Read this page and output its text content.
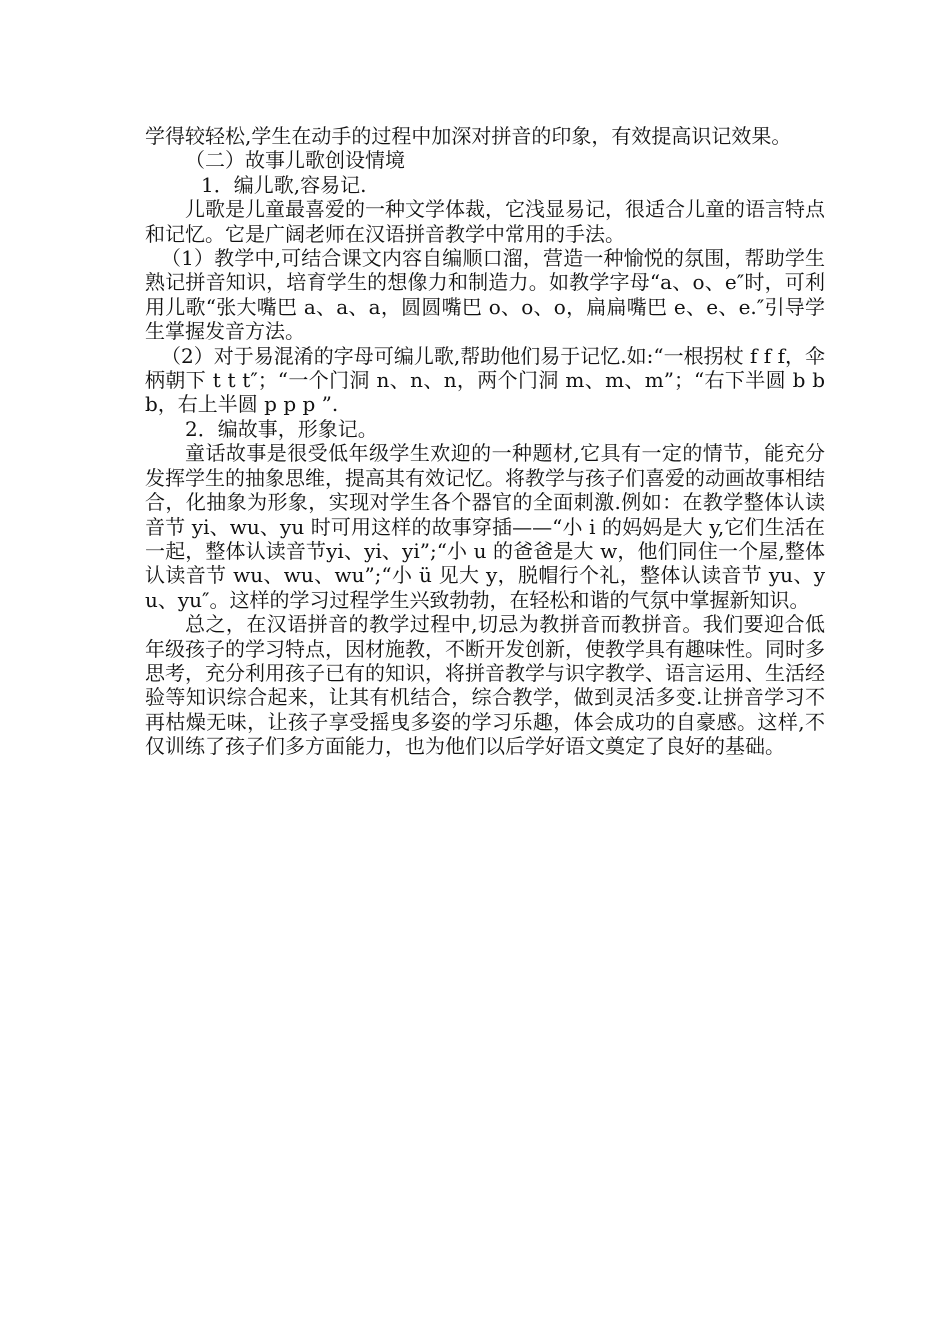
学得较轻松,学生在动手的过程中加深对拼音的印象，有效提高识记效果。

（二）故事儿歌创设情境

1．编儿歌,容易记.

儿歌是儿童最喜爱的一种文学体裁，它浅显易记，很适合儿童的语言特点和记忆。它是广阔老师在汉语拼音教学中常用的手法。

（1）教学中,可结合课文内容自编顺口溜，营造一种愉悦的氛围，帮助学生熟记拼音知识，培育学生的想像力和制造力。如教学字母“a、o、e″时，可利用儿歌“张大嘴巴 a、a、a，圆圆嘴巴 o、o、o，扁扁嘴巴 e、e、e.″引导学生掌握发音方法。

（2）对于易混淆的字母可编儿歌,帮助他们易于记忆.如:“一根拐杖 f f f，伞柄朝下 t t t″；“一个门洞 n、n、n，两个门洞 m、m、m”；“右下半圆 b b b，右上半圆 p p p ”.

2．编故事，形象记。

童话故事是很受低年级学生欢迎的一种题材,它具有一定的情节，能充分发挥学生的抽象思维，提高其有效记忆。将教学与孩子们喜爱的动画故事相结合，化抽象为形象，实现对学生各个器官的全面刺激.例如：在教学整体认读音节 yi、wu、yu 时可用这样的故事穿插——“小 i 的妈妈是大 y,它们生活在一起，整体认读音节yi、yi、yi”;“小 u 的爸爸是大 w，他们同住一个屋,整体认读音节 wu、wu、wu”;“小 ü 见大 y，脱帽行个礼，整体认读音节 yu、yu、yu″。这样的学习过程学生兴致勃勃，在轻松和谐的气氛中掌握新知识。

总之，在汉语拼音的教学过程中,切忌为教拼音而教拼音。我们要迎合低年级孩子的学习特点，因材施教，不断开发创新，使教学具有趣味性。同时多思考，充分利用孩子已有的知识，将拼音教学与识字教学、语言运用、生活经验等知识综合起来，让其有机结合，综合教学，做到灵活多变.让拼音学习不再枯燥无味，让孩子享受摇曳多姿的学习乐趣，体会成功的自豪感。这样,不仅训练了孩子们多方面能力，也为他们以后学好语文奠定了良好的基础。
